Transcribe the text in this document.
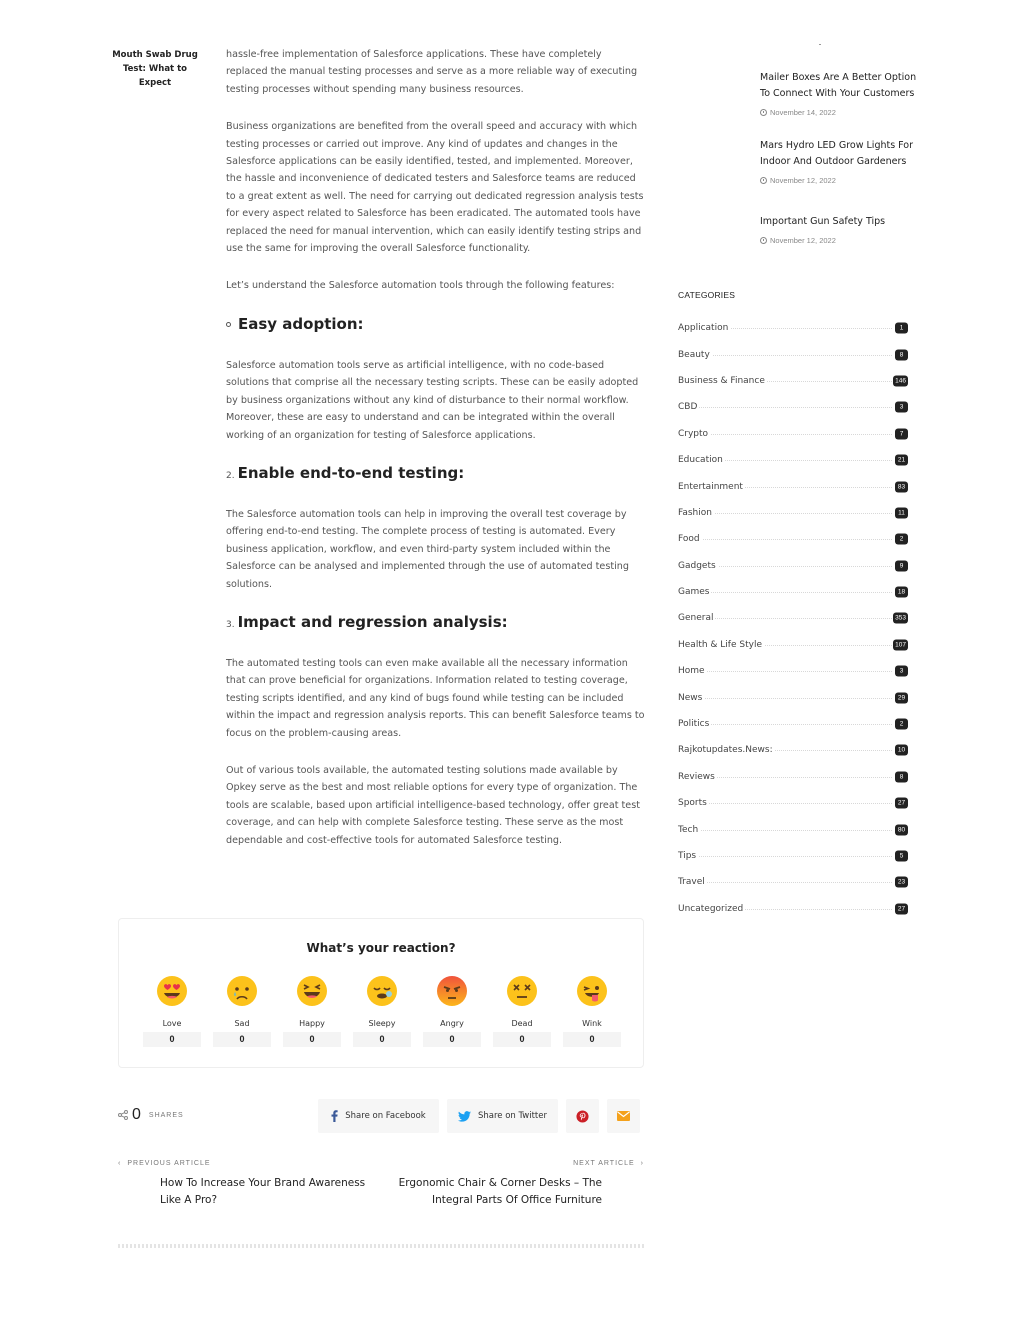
Mouth Swab Drug Test: What to Expect

hassle-free implementation of Salesforce applications. These have completely replaced the manual testing processes and serve as a more reliable way of executing testing processes without spending many business resources.

Business organizations are benefited from the overall speed and accuracy with which testing processes or carried out improve. Any kind of updates and changes in the Salesforce applications can be easily identified, tested, and implemented. Moreover, the hassle and inconvenience of dedicated testers and Salesforce teams are reduced to a great extent as well. The need for carrying out dedicated regression analysis tests for every aspect related to Salesforce has been eradicated. The automated tools have replaced the need for manual intervention, which can easily identify testing strips and use the same for improving the overall Salesforce functionality.

Let’s understand the Salesforce automation tools through the following features:

Easy adoption:

Salesforce automation tools serve as artificial intelligence, with no code-based solutions that comprise all the necessary testing scripts. These can be easily adopted by business organizations without any kind of disturbance to their normal workflow. Moreover, these are easy to understand and can be integrated within the overall working of an organization for testing of Salesforce applications.

2. Enable end-to-end testing:

The Salesforce automation tools can help in improving the overall test coverage by offering end-to-end testing. The complete process of testing is automated. Every business application, workflow, and even third-party system included within the Salesforce can be analysed and implemented through the use of automated testing solutions.

3. Impact and regression analysis:

The automated testing tools can even make available all the necessary information that can prove beneficial for organizations. Information related to testing coverage, testing scripts identified, and any kind of bugs found while testing can be included within the impact and regression analysis reports. This can benefit Salesforce teams to focus on the problem-causing areas.

Out of various tools available, the automated testing solutions made available by Opkey serve as the best and most reliable options for every type of organization. The tools are scalable, based upon artificial intelligence-based technology, offer great test coverage, and can help with complete Salesforce testing. These serve as the most dependable and cost-effective tools for automated Salesforce testing.

What’s your reaction?
Love
0
Sad
0
Happy
0
Sleepy
0
Angry
0
Dead
0
Wink
0
0 SHARES	Share on Facebook	Share on Twitter
‹ PREVIOUS ARTICLE
How To Increase Your Brand Awareness Like A Pro?
NEXT ARTICLE ›
Ergonomic Chair & Corner Desks – The Integral Parts Of Office Furniture
Mailer Boxes Are A Better Option To Connect With Your Customers
November 14, 2022
Mars Hydro LED Grow Lights For Indoor And Outdoor Gardeners
November 12, 2022
Important Gun Safety Tips
November 12, 2022
CATEGORIES
Application	1
Beauty	8
Business & Finance	146
CBD	3
Crypto	7
Education	21
Entertainment	83
Fashion	11
Food	2
Gadgets	9
Games	18
General	353
Health & Life Style	107
Home	3
News	29
Politics	2
Rajkotupdates.News:	10
Reviews	8
Sports	27
Tech	80
Tips	5
Travel	23
Uncategorized	27
